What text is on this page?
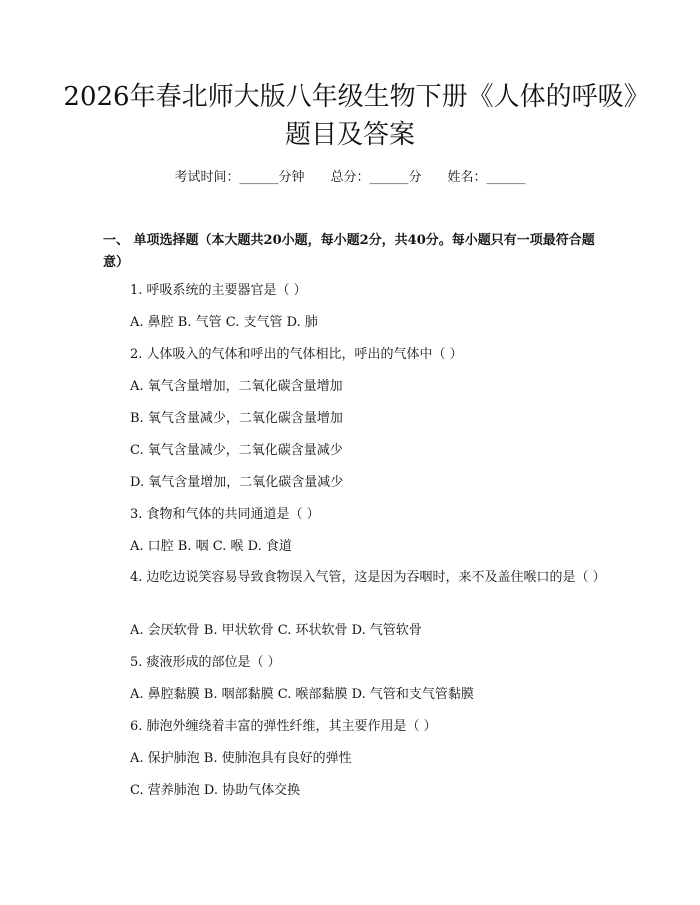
2026年春北师大版八年级生物下册《人体的呼吸》题目及答案
考试时间：______分钟 总分：______分 姓名：______

一、 单项选择题（本大题共20小题，每小题2分，共40分。每小题只有一项最符合题意）

1. 呼吸系统的主要器官是（ ）
A. 鼻腔 B. 气管 C. 支气管 D. 肺
2. 人体吸入的气体和呼出的气体相比，呼出的气体中（ ）
A. 氧气含量增加，二氧化碳含量增加
B. 氧气含量减少，二氧化碳含量增加
C. 氧气含量减少，二氧化碳含量减少
D. 氧气含量增加，二氧化碳含量减少
3. 食物和气体的共同通道是（ ）
A. 口腔 B. 咽 C. 喉 D. 食道
4. 边吃边说笑容易导致食物误入气管，这是因为吞咽时，来不及盖住喉口的是（ ）
A. 会厌软骨 B. 甲状软骨 C. 环状软骨 D. 气管软骨
5. 痰液形成的部位是（ ）
A. 鼻腔黏膜 B. 咽部黏膜 C. 喉部黏膜 D. 气管和支气管黏膜
6. 肺泡外缠绕着丰富的弹性纤维，其主要作用是（ ）
A. 保护肺泡 B. 使肺泡具有良好的弹性
C. 营养肺泡 D. 协助气体交换
